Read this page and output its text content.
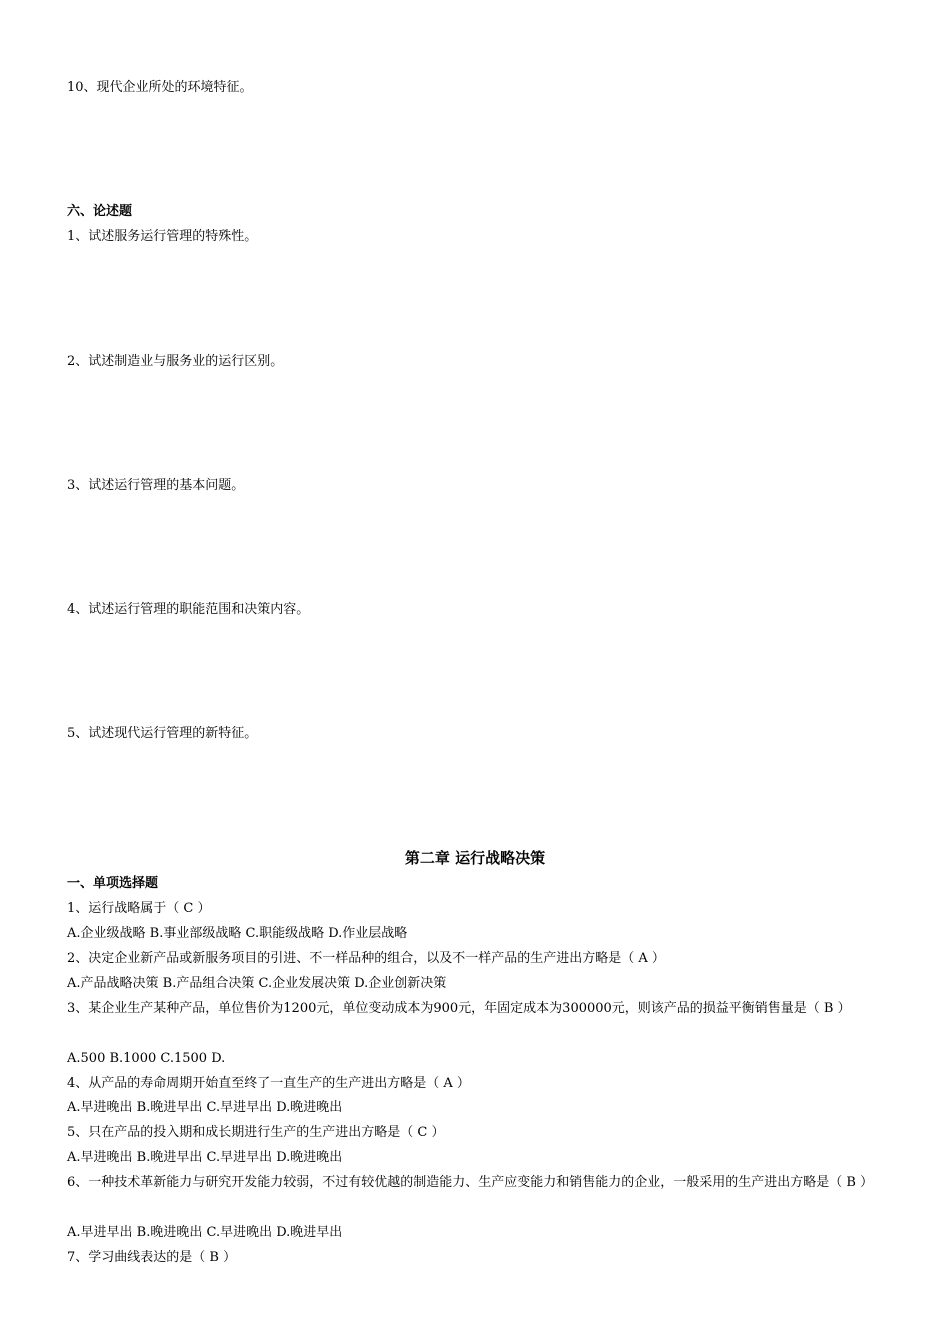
10、现代企业所处的环境特征。
六、论述题
1、试述服务运行管理的特殊性。
2、试述制造业与服务业的运行区别。
3、试述运行管理的基本问题。
4、试述运行管理的职能范围和决策内容。
5、试述现代运行管理的新特征。
第二章 运行战略决策
一、单项选择题
1、运行战略属于（ C ）
A.企业级战略 B.事业部级战略 C.职能级战略 D.作业层战略
2、决定企业新产品或新服务项目的引进、不一样品种的组合，以及不一样产品的生产进出方略是（ A ）
A.产品战略决策 B.产品组合决策 C.企业发展决策 D.企业创新决策
3、某企业生产某种产品，单位售价为1200元，单位变动成本为900元，年固定成本为300000元，则该产品的损益平衡销售量是（ B ）
A.500 B.1000 C.1500 D.
4、从产品的寿命周期开始直至终了一直生产的生产进出方略是（ A ）
A.早进晚出 B.晚进早出 C.早进早出 D.晚进晚出
5、只在产品的投入期和成长期进行生产的生产进出方略是（ C ）
A.早进晚出 B.晚进早出 C.早进早出 D.晚进晚出
6、一种技术革新能力与研究开发能力较弱，不过有较优越的制造能力、生产应变能力和销售能力的企业，一般采用的生产进出方略是（ B ）
A.早进早出 B.晚进晚出 C.早进晚出 D.晚进早出
7、学习曲线表达的是（ B ）
